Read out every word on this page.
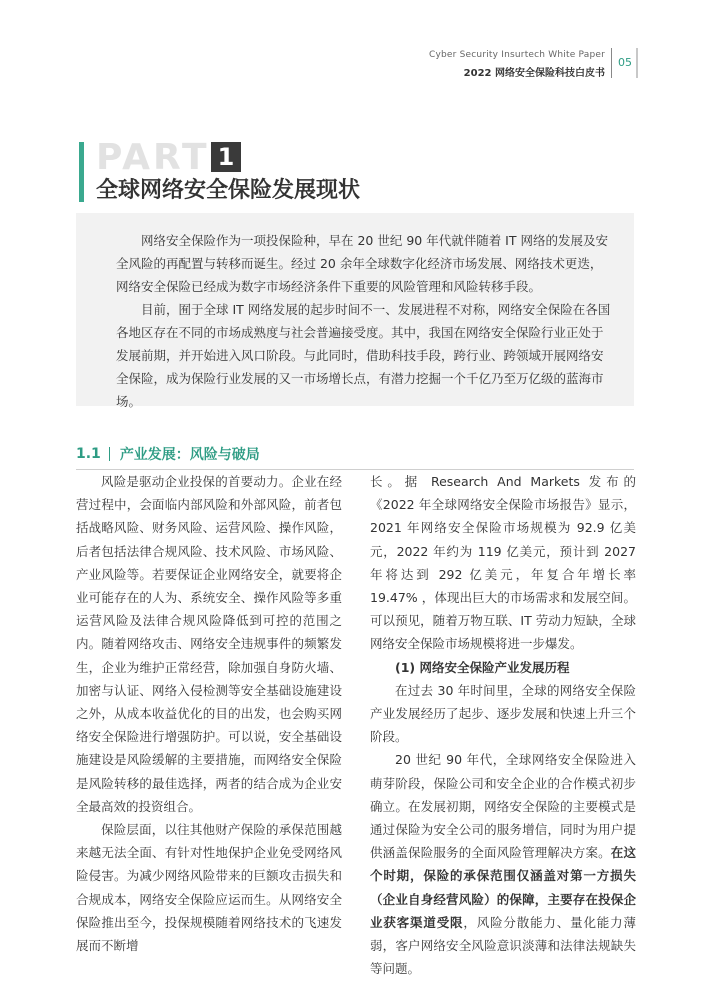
Cyber Security Insurtech White Paper
2022 网络安全保险科技白皮书
05
PART 1
全球网络安全保险发展现状

网络安全保险作为一项投保险种，早在 20 世纪 90 年代就伴随着 IT 网络的发展及安全风险的再配置与转移而诞生。经过 20 余年全球数字化经济市场发展、网络技术更迭，网络安全保险已经成为数字市场经济条件下重要的风险管理和风险转移手段。

目前，囿于全球 IT 网络发展的起步时间不一、发展进程不对称，网络安全保险在各国各地区存在不同的市场成熟度与社会普遍接受度。其中，我国在网络安全保险行业正处于发展前期，并开始进入风口阶段。与此同时，借助科技手段，跨行业、跨领域开展网络安全保险，成为保险行业发展的又一市场增长点，有潜力挖掘一个千亿乃至万亿级的蓝海市场。

1.1 产业发展：风险与破局

风险是驱动企业投保的首要动力。企业在经营过程中，会面临内部风险和外部风险，前者包括战略风险、财务风险、运营风险、操作风险，后者包括法律合规风险、技术风险、市场风险、产业风险等。若要保证企业网络安全，就要将企业可能存在的人为、系统安全、操作风险等多重运营风险及法律合规风险降低到可控的范围之内。随着网络攻击、网络安全违规事件的频繁发生，企业为维护正常经营，除加强自身防火墙、加密与认证、网络入侵检测等安全基础设施建设之外，从成本收益优化的目的出发，也会购买网络安全保险进行增强防护。可以说，安全基础设施建设是风险缓解的主要措施，而网络安全保险是风险转移的最佳选择，两者的结合成为企业安全最高效的投资组合。

保险层面，以往其他财产保险的承保范围越来越无法全面、有针对性地保护企业免受网络风险侵害。为减少网络风险带来的巨额攻击损失和合规成本，网络安全保险应运而生。从网络安全保险推出至今，投保规模随着网络技术的飞速发展而不断增

长。据 Research And Markets 发布的《2022 年全球网络安全保险市场报告》显示，2021 年网络安全保险市场规模为 92.9 亿美元，2022 年约为 119 亿美元，预计到 2027 年将达到 292 亿美元，年复合年增长率 19.47% ，体现出巨大的市场需求和发展空间。可以预见，随着万物互联、IT 劳动力短缺，全球网络安全保险市场规模将进一步爆发。

(1) 网络安全保险产业发展历程

在过去 30 年时间里，全球的网络安全保险产业发展经历了起步、逐步发展和快速上升三个阶段。

20 世纪 90 年代，全球网络安全保险进入萌芽阶段，保险公司和安全企业的合作模式初步确立。在发展初期，网络安全保险的主要模式是通过保险为安全公司的服务增信，同时为用户提供涵盖保险服务的全面风险管理解决方案。在这个时期，保险的承保范围仅涵盖对第一方损失（企业自身经营风险）的保障，主要存在投保企业获客渠道受限，风险分散能力、量化能力薄弱，客户网络安全风险意识淡薄和法律法规缺失等问题。
